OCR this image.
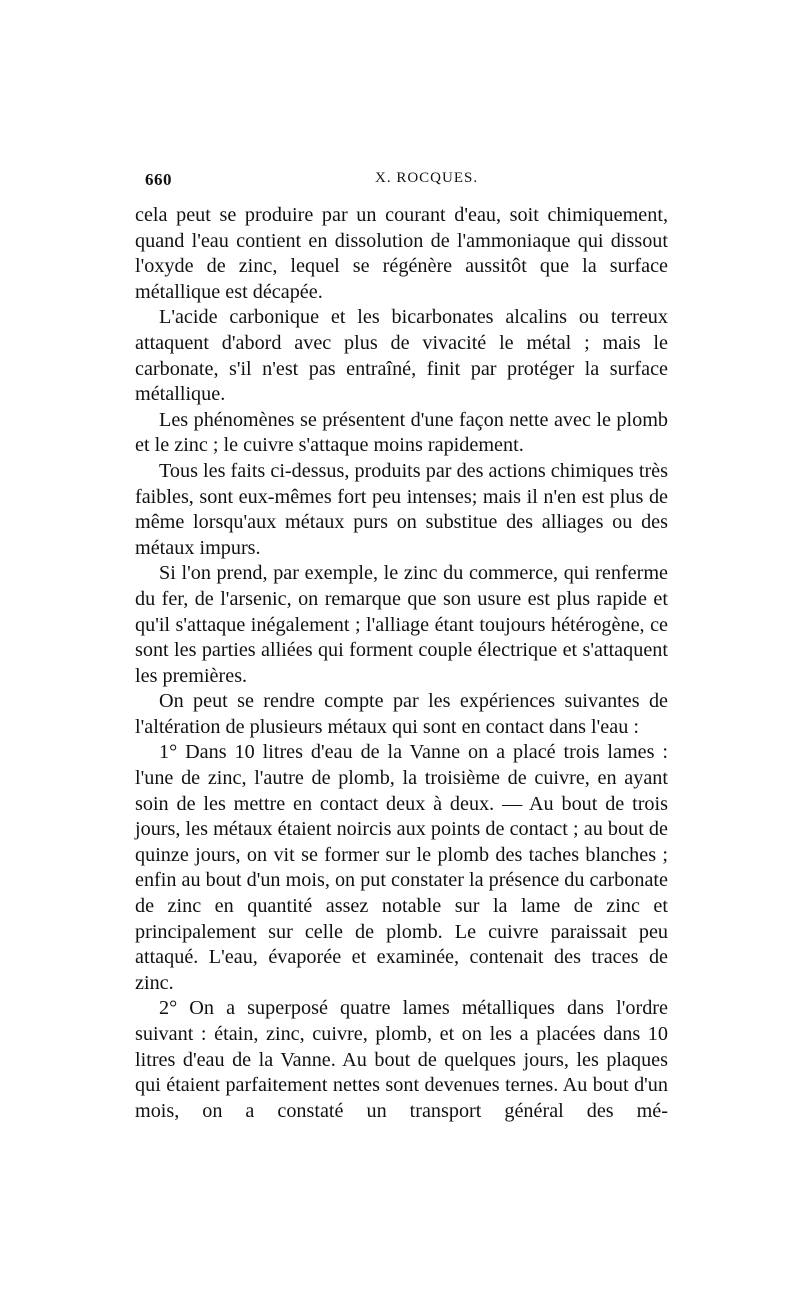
660	X. ROCQUES.

cela peut se produire par un courant d'eau, soit chimiquement, quand l'eau contient en dissolution de l'ammoniaque qui dissout l'oxyde de zinc, lequel se régénère aussitôt que la surface métallique est décapée.

L'acide carbonique et les bicarbonates alcalins ou terreux attaquent d'abord avec plus de vivacité le métal ; mais le carbonate, s'il n'est pas entraîné, finit par protéger la surface métallique.

Les phénomènes se présentent d'une façon nette avec le plomb et le zinc ; le cuivre s'attaque moins rapidement.

Tous les faits ci-dessus, produits par des actions chimiques très faibles, sont eux-mêmes fort peu intenses; mais il n'en est plus de même lorsqu'aux métaux purs on substitue des alliages ou des métaux impurs.

Si l'on prend, par exemple, le zinc du commerce, qui renferme du fer, de l'arsenic, on remarque que son usure est plus rapide et qu'il s'attaque inégalement ; l'alliage étant toujours hétérogène, ce sont les parties alliées qui forment couple électrique et s'attaquent les premières.

On peut se rendre compte par les expériences suivantes de l'altération de plusieurs métaux qui sont en contact dans l'eau :

1° Dans 10 litres d'eau de la Vanne on a placé trois lames : l'une de zinc, l'autre de plomb, la troisième de cuivre, en ayant soin de les mettre en contact deux à deux. — Au bout de trois jours, les métaux étaient noircis aux points de contact ; au bout de quinze jours, on vit se former sur le plomb des taches blanches ; enfin au bout d'un mois, on put constater la présence du carbonate de zinc en quantité assez notable sur la lame de zinc et principalement sur celle de plomb. Le cuivre paraissait peu attaqué. L'eau, évaporée et examinée, contenait des traces de zinc.

2° On a superposé quatre lames métalliques dans l'ordre suivant : étain, zinc, cuivre, plomb, et on les a placées dans 10 litres d'eau de la Vanne. Au bout de quelques jours, les plaques qui étaient parfaitement nettes sont devenues ternes. Au bout d'un mois, on a constaté un transport général des mé-
